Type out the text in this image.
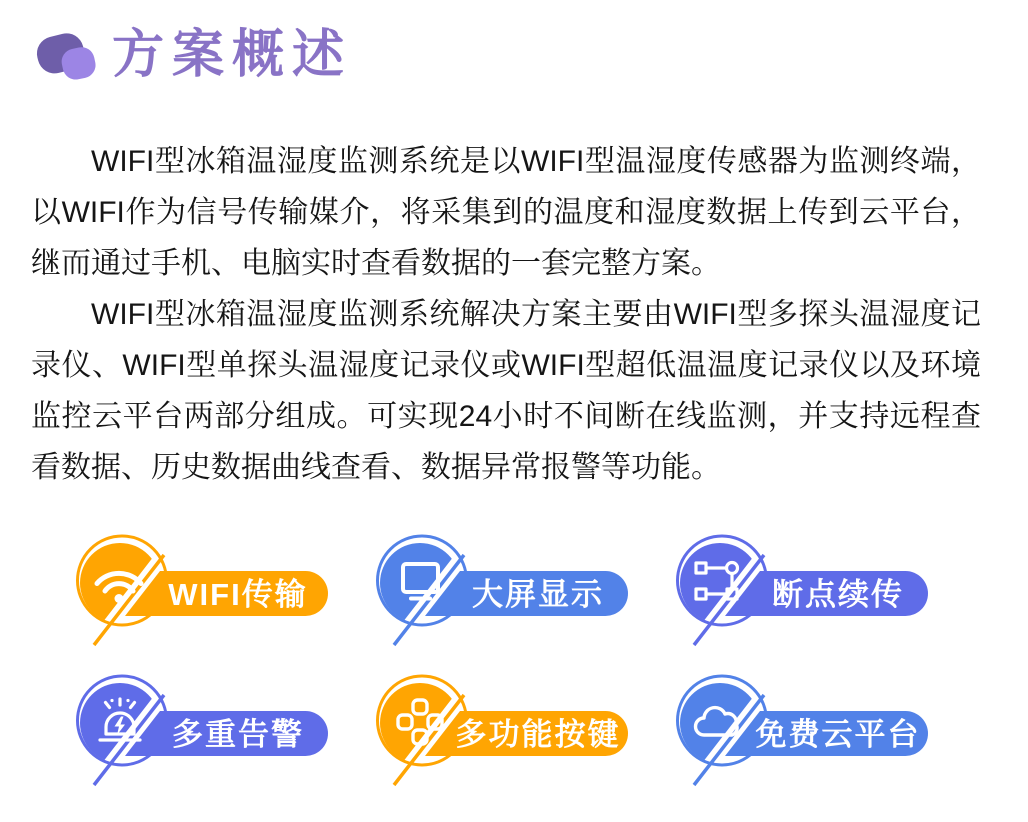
方案概述

WIFI型冰箱温湿度监测系统是以WIFI型温湿度传感器为监测终端，以WIFI作为信号传输媒介，将采集到的温度和湿度数据上传到云平台，继而通过手机、电脑实时查看数据的一套完整方案。

WIFI型冰箱温湿度监测系统解决方案主要由WIFI型多探头温湿度记录仪、WIFI型单探头温湿度记录仪或WIFI型超低温温度记录仪以及环境监控云平台两部分组成。可实现24小时不间断在线监测，并支持远程查看数据、历史数据曲线查看、数据异常报警等功能。

WIFI传输	大屏显示	断点续传
多重告警	多功能按键	免费云平台
